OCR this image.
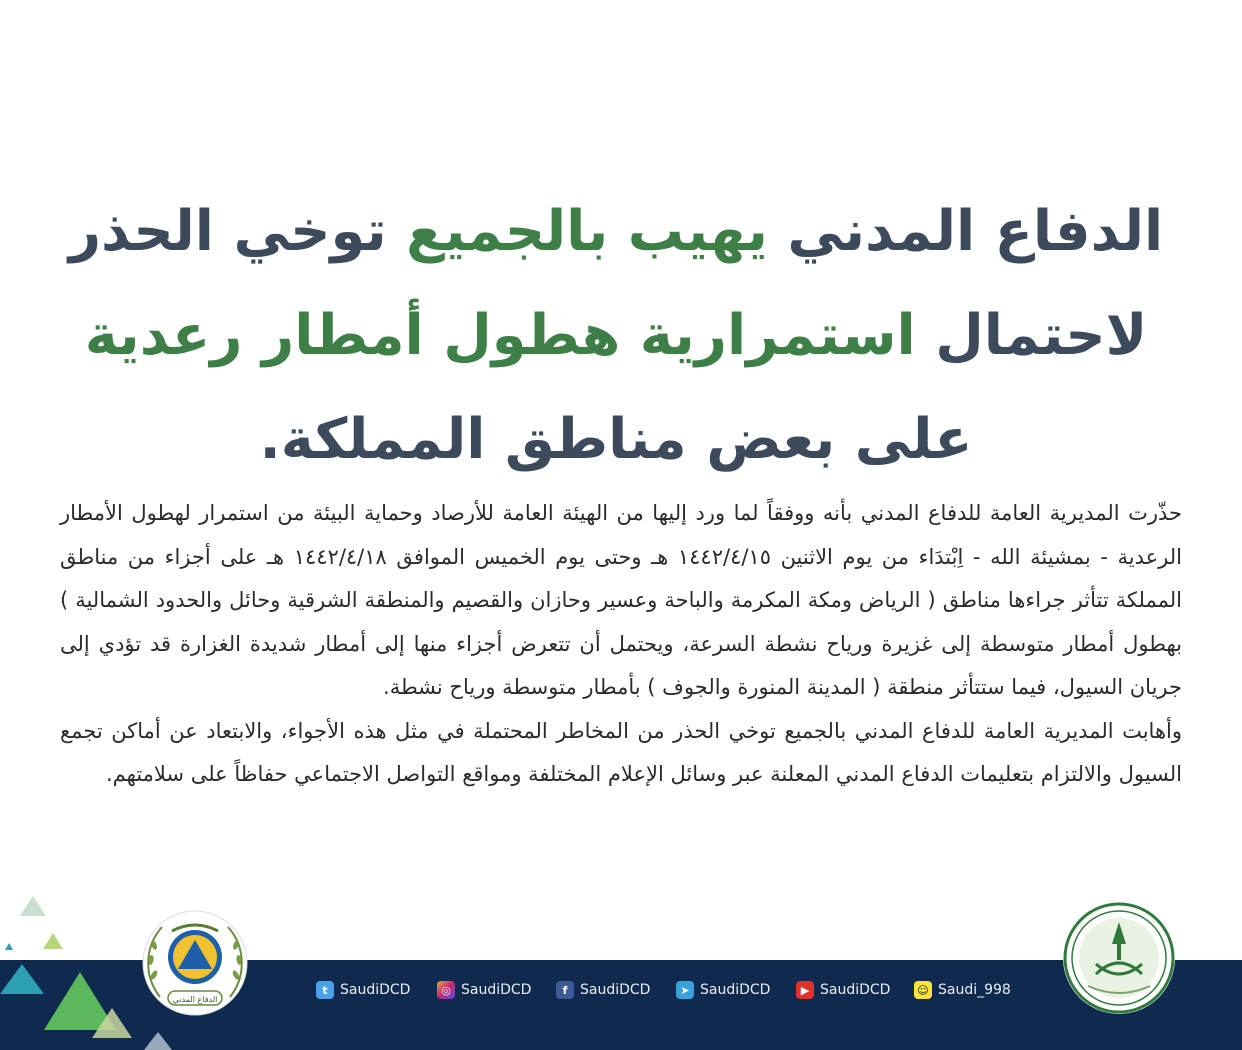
الدفاع المدني يهيب بالجميع توخي الحذر
لاحتمال استمرارية هطول أمطار رعدية
على بعض مناطق المملكة.

حذّرت المديرية العامة للدفاع المدني بأنه ووفقاً لما ورد إليها من الهيئة العامة للأرصاد وحماية البيئة من استمرار لهطول الأمطار الرعدية - بمشيئة الله - اِبْتدَاء من يوم الاثنين ١٤٤٢/٤/١٥ هـ وحتى يوم الخميس الموافق ١٤٤٢/٤/١٨ هـ على أجزاء من مناطق المملكة تتأثر جراءها مناطق ( الرياض ومكة المكرمة والباحة وعسير وحازان والقصيم والمنطقة الشرقية وحائل والحدود الشمالية ) بهطول أمطار متوسطة إلى غزيرة ورياح نشطة السرعة، ويحتمل أن تتعرض أجزاء منها إلى أمطار شديدة الغزارة قد تؤدي إلى جريان السيول، فيما ستتأثر منطقة ( المدينة المنورة والجوف ) بأمطار متوسطة ورياح نشطة.

وأهابت المديرية العامة للدفاع المدني بالجميع توخي الحذر من المخاطر المحتملة في مثل هذه الأجواء، والابتعاد عن أماكن تجمع السيول والالتزام بتعليمات الدفاع المدني المعلنة عبر وسائل الإعلام المختلفة ومواقع التواصل الاجتماعي حفاظاً على سلامتهم.

t SaudiDCD	◎ SaudiDCD	f SaudiDCD	➤ SaudiDCD	▶ SaudiDCD ☺ Saudi_998
الدفاع المدني
